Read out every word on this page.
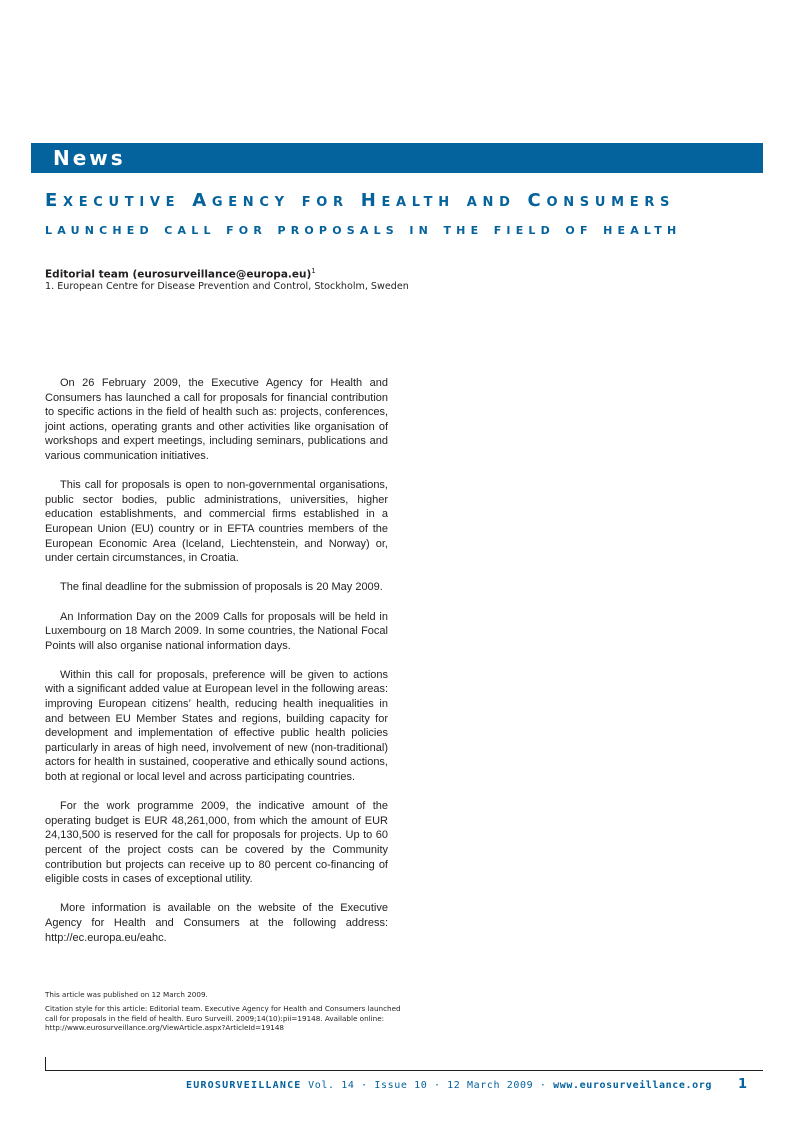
News
Executive Agency for Health and Consumers
launched call for proposals in the field of health
Editorial team (eurosurveillance@europa.eu)$^1$
1. European Centre for Disease Prevention and Control, Stockholm, Sweden

On 26 February 2009, the Executive Agency for Health and Consumers has launched a call for proposals for financial contribution to specific actions in the field of health such as: projects, conferences, joint actions, operating grants and other activities like organisation of workshops and expert meetings, including seminars, publications and various communication initiatives.

This call for proposals is open to non-governmental organisations, public sector bodies, public administrations, universities, higher education establishments, and commercial firms established in a European Union (EU) country or in EFTA countries members of the European Economic Area (Iceland, Liechtenstein, and Norway) or, under certain circumstances, in Croatia.

The final deadline for the submission of proposals is 20 May 2009.

An Information Day on the 2009 Calls for proposals will be held in Luxembourg on 18 March 2009. In some countries, the National Focal Points will also organise national information days.

Within this call for proposals, preference will be given to actions with a significant added value at European level in the following areas: improving European citizens’ health, reducing health inequalities in and between EU Member States and regions, building capacity for development and implementation of effective public health policies particularly in areas of high need, involvement of new (non-traditional) actors for health in sustained, cooperative and ethically sound actions, both at regional or local level and across participating countries.

For the work programme 2009, the indicative amount of the operating budget is EUR 48,261,000, from which the amount of EUR 24,130,500 is reserved for the call for proposals for projects. Up to 60 percent of the project costs can be covered by the Community contribution but projects can receive up to 80 percent co-financing of eligible costs in cases of exceptional utility.

More information is available on the website of the Executive Agency for Health and Consumers at the following address: http://ec.europa.eu/eahc.

This article was published on 12 March 2009.

Citation style for this article: Editorial team. Executive Agency for Health and Consumers launched call for proposals in the field of health. Euro Surveill. 2009;14(10):pii=19148. Available online: http://www.eurosurveillance.org/ViewArticle.aspx?ArticleId=19148

EUROSURVEILLANCE Vol. 14 · Issue 10 · 12 March 2009 · www.eurosurveillance.org 1
